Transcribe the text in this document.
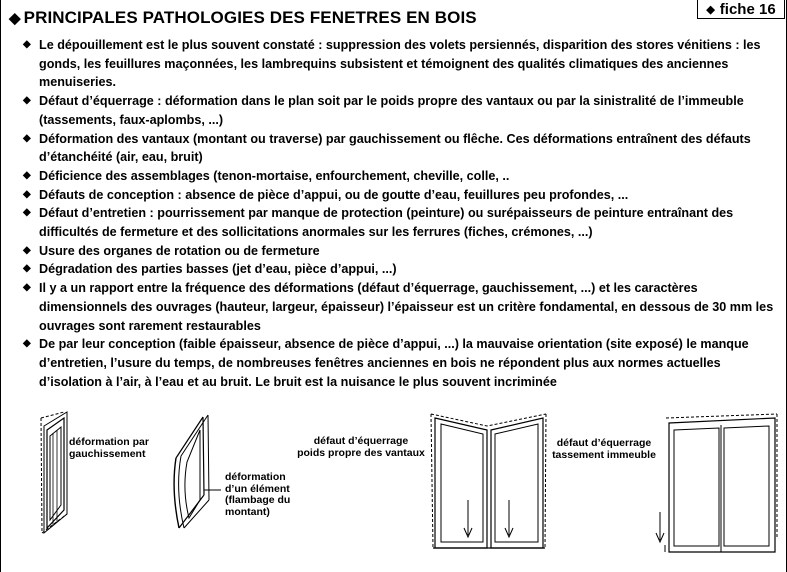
◆ PRINCIPALES PATHOLOGIES DES FENETRES EN BOIS	◆ fiche 16
◆ Le dépouillement est le plus souvent constaté : suppression des volets persiennés, disparition des stores vénitiens : les gonds, les feuillures maçonnées, les lambrequins subsistent et témoignent des qualités climatiques des anciennes menuiseries.
◆ Défaut d’équerrage : déformation dans le plan soit par le poids propre des vantaux ou par la sinistralité de l’immeuble (tassements, faux-aplombs, ...)
◆ Déformation des vantaux (montant ou traverse) par gauchissement ou flêche. Ces déformations entraînent des défauts d’étanchéité (air, eau, bruit)
◆ Déficience des assemblages (tenon-mortaise, enfourchement, cheville, colle, ..
◆ Défauts de conception : absence de pièce d’appui, ou de goutte d’eau, feuillures peu profondes, ...
◆ Défaut d’entretien : pourrissement par manque de protection (peinture) ou surépaisseurs de peinture entraînant des difficultés de fermeture et des sollicitations anormales sur les ferrures (fiches, crémones, ...)
◆ Usure des organes de rotation ou de fermeture
◆ Dégradation des parties basses (jet d’eau, pièce d’appui, ...)
◆ Il y a un rapport entre la fréquence des déformations (défaut d’équerrage, gauchissement, ...) et les caractères dimensionnels des ouvrages (hauteur, largeur, épaisseur) l’épaisseur est un critère fondamental, en dessous de 30 mm les ouvrages sont rarement restaurables
◆ De par leur conception (faible épaisseur, absence de pièce d’appui, ...) la mauvaise orientation (site exposé) le manque d’entretien, l’usure du temps, de nombreuses fenêtres anciennes en bois ne répondent plus aux normes actuelles d’isolation à l’air, à l’eau et au bruit. Le bruit est la nuisance le plus souvent incriminée
déformation par
gauchissement
déformation
d’un élément
(flambage du
montant)
défaut d’équerrage
poids propre des vantaux
défaut d’équerrage
tassement immeuble
